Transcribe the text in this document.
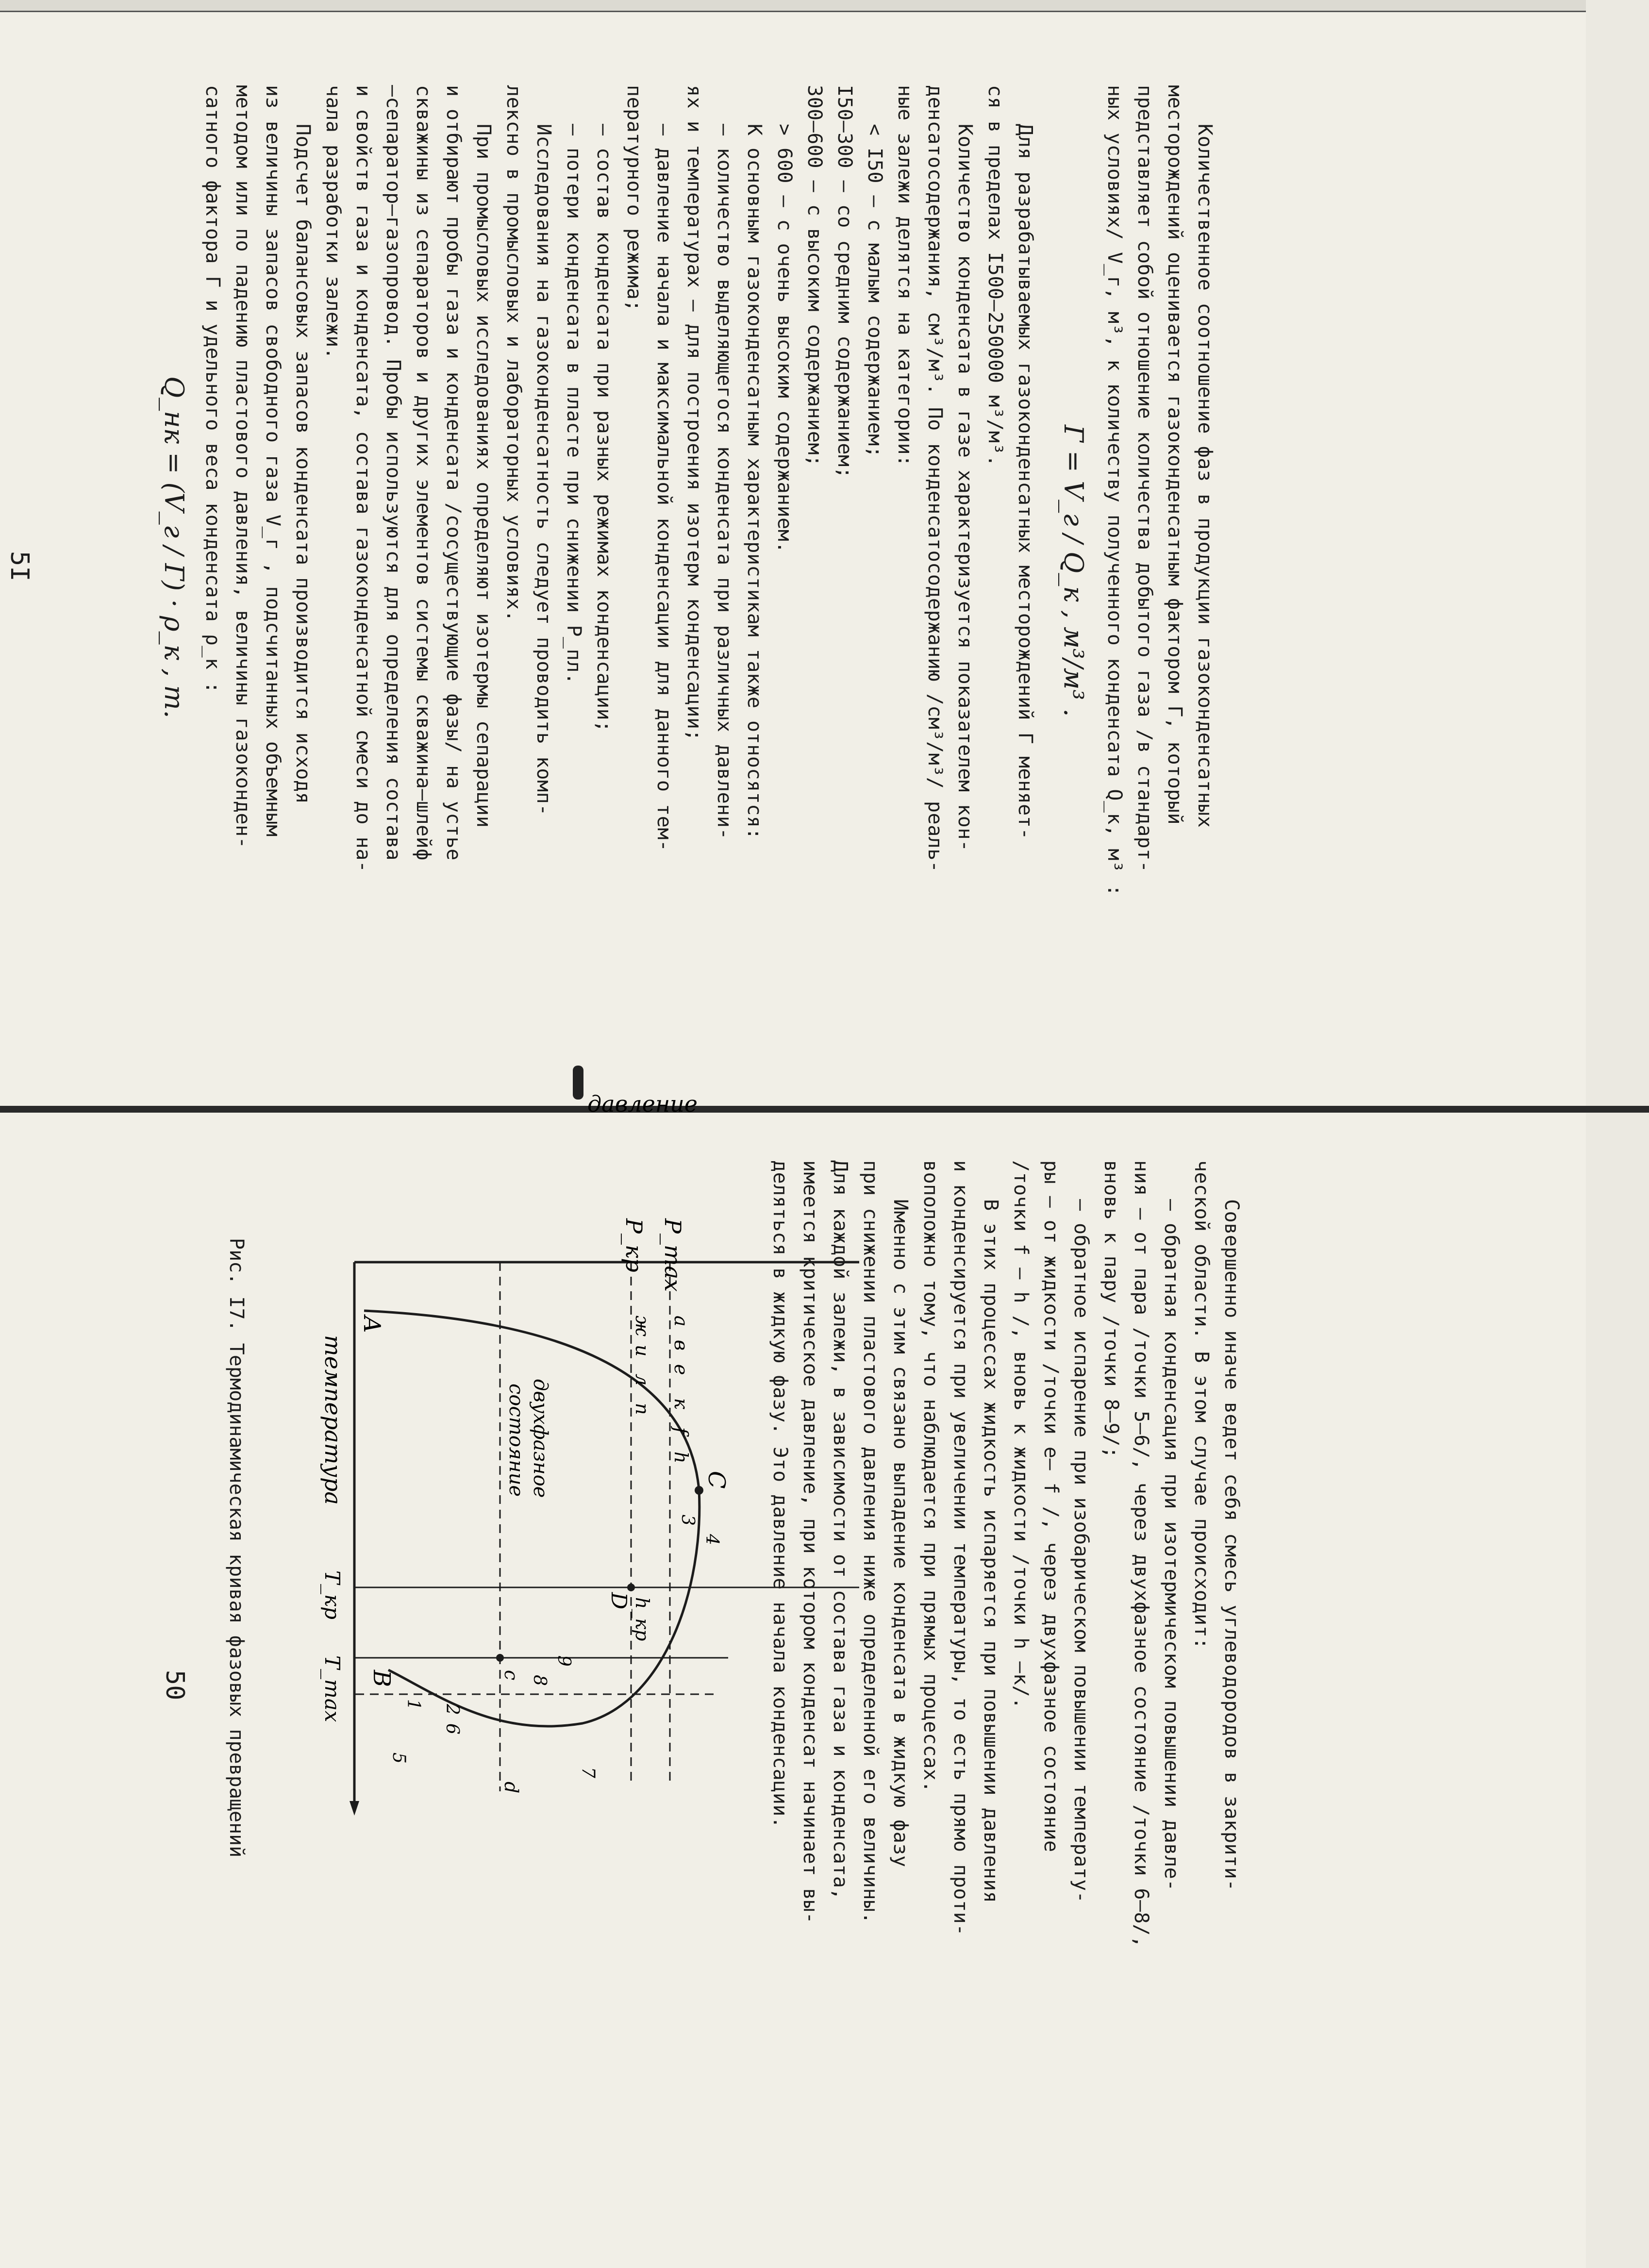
5I	Количественное соотношение фаз в продукции газоконденсатных
месторождений оценивается газоконденсатным фактором Г, который
представляет собой отношение количества добытого газа /в стандарт-
ных условиях/ V_г, м³, к количеству полученного конденсата Q_к, м³ :
Г = V_г / Q_к , м³/м³ .
Для разрабатываемых газоконденсатных месторождений Г меняет-
ся в пределах I500–250000 м³/м³.
Количество конденсата в газе характеризуется показателем кон-
денсатосодержания, см³/м³. По конденсатосодержанию /см³/м³/ реаль-
ные залежи делятся на категории:
< I50 – с малым содержанием;
I50–300 – со средним содержанием;
300–600 – с высоким содержанием;
> 600 – с очень высоким содержанием.
К основным газоконденсатным характеристикам также относятся:
– количество выделяющегося конденсата при различных давлени-
ях и температурах – для построения изотерм конденсации;
– давление начала и максимальной конденсации для данного тем-
пературного режима;
– состав конденсата при разных режимах конденсации;
– потери конденсата в пласте при снижении Р_пл.
Исследования на газоконденсатность следует проводить комп-
лексно в промысловых и лабораторных условиях.
При промысловых исследованиях определяют изотермы сепарации
и отбирают пробы газа и конденсата /сосуществующие фазы/ на устье
скважины из сепараторов и других элементов системы скважина–шлейф
–сепаратор–газопровод. Пробы используются для определения состава
и свойств газа и конденсата, состава газоконденсатной смеси до на-
чала разработки залежи.
Подсчет балансовых запасов конденсата производится исходя
из величины запасов свободного газа V_г , подсчитанных объемным
методом или по падению пластового давления, величины газоконден-
сатного фактора Г и удельного веса конденсата ρ_к :
Q_нк = (V_г / Г) · ρ_к , т.
50
давление
температура
P_max
P_кр
T_кр
T_max
двухфазное
состояние
А
В
С
D
а
в
с
d
е
ж
и
к
л
п
f
h
h_кр
1 2
3
4
5
6
7
8
9
Рис. I7. Термодинамическая кривая фазовых превращений	Совершенно иначе ведет себя смесь углеводородов в закрити-
ческой области. В этом случае происходит:
– обратная конденсация при изотермическом повышении давле-
ния – от пара /точки 5–6/, через двухфазное состояние /точки 6–8/,
вновь к пару /точки 8–9/;
– обратное испарение при изобарическом повышении температу-
ры – от жидкости /точки е– f /, через двухфазное состояние
/точки f – h /, вновь к жидкости /точки h –к/.
В этих процессах жидкость испаряется при повышении давления
и конденсируется при увеличении температуры, то есть прямо проти-
воположно тому, что наблюдается при прямых процессах.
Именно с этим связано выпадение конденсата в жидкую фазу
при снижении пластового давления ниже определенной его величины.
Для каждой залежи, в зависимости от состава газа и конденсата,
имеется критическое давление, при котором конденсат начинает вы-
деляться в жидкую фазу. Это давление начала конденсации.
